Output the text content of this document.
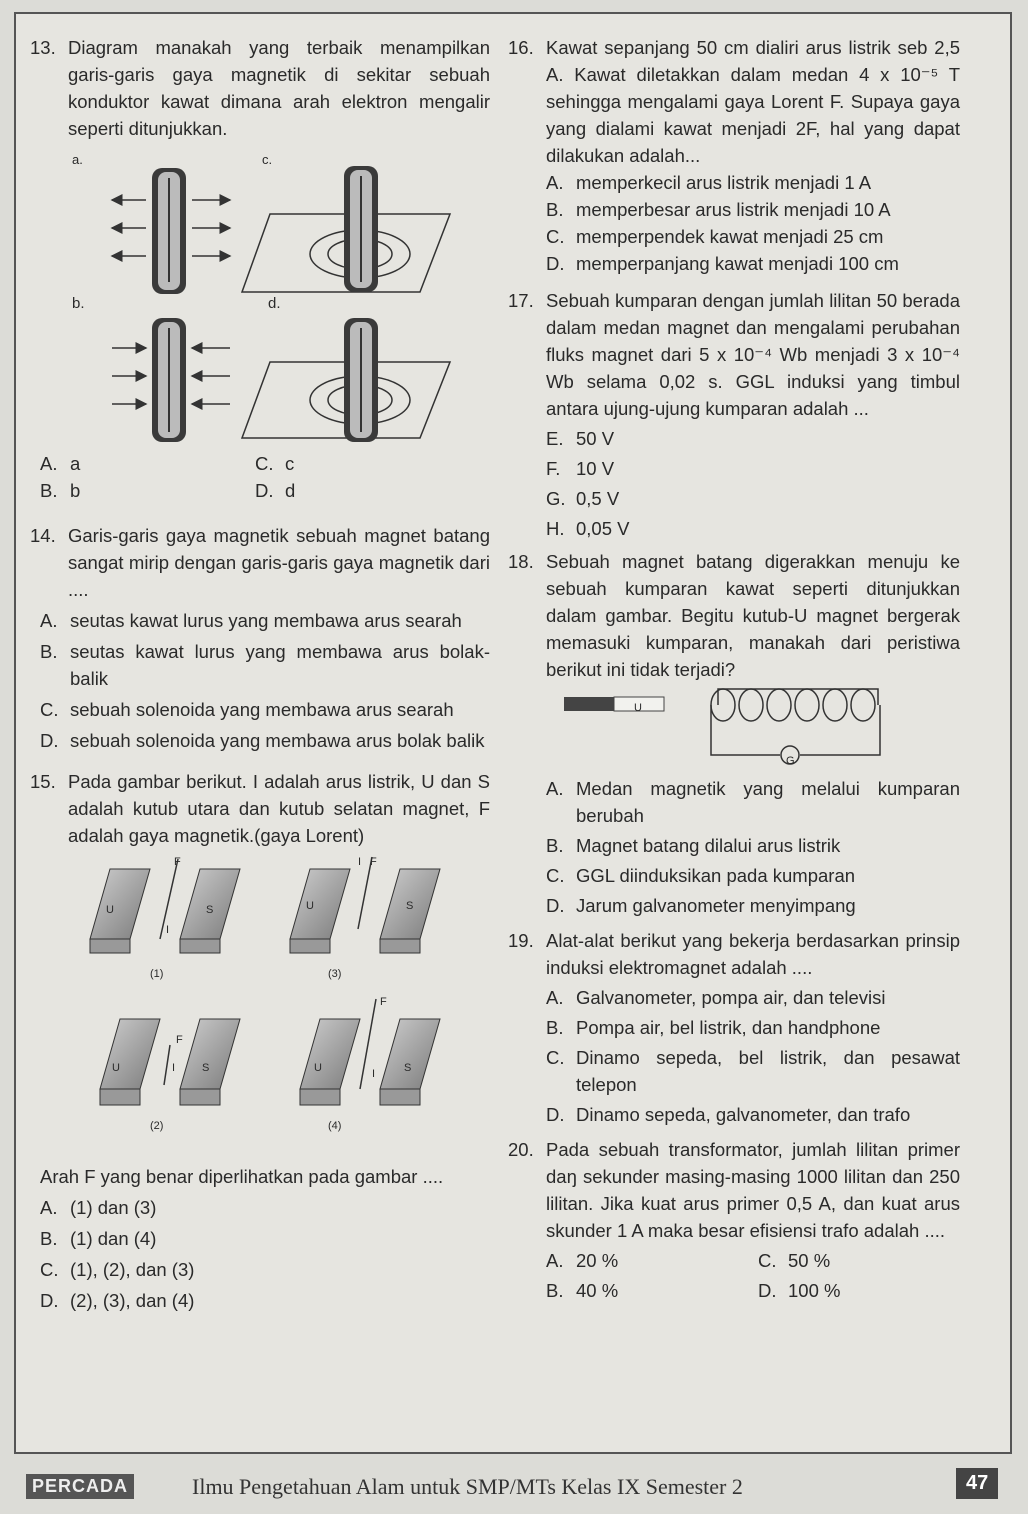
13. Diagram manakah yang terbaik menampilkan garis-garis gaya magnetik di sekitar sebuah konduktor kawat dimana arah elektron mengalir seperti ditunjukkan.
a.	c.
b.	d.
A. a	C. c
B. b	D. d
14. Garis-garis gaya magnetik sebuah magnet batang sangat mirip dengan garis-garis gaya magnetik dari ....
A. seutas kawat lurus yang membawa arus searah
B. seutas kawat lurus yang membawa arus bolak-balik
C. sebuah solenoida yang membawa arus searah
D. sebuah solenoida yang membawa arus bolak balik
15. Pada gambar berikut. I adalah arus listrik, U dan S adalah kutub utara dan kutub selatan magnet, F adalah gaya magnetik.(gaya Lorent)
F
U	S
I
(1)
F
U	S
I
(3)
F
U	S
I
(2)
F
U	S
I
(4)
Arah F yang benar diperlihatkan pada gambar ....
A. (1) dan (3)
B. (1) dan (4)
C. (1), (2), dan (3)
D. (2), (3), dan (4)
16. Kawat sepanjang 50 cm dialiri arus listrik seb 2,5 A. Kawat diletakkan dalam medan 4 x 10⁻⁵ T sehingga mengalami gaya Lorent F. Supaya gaya yang dialami kawat menjadi 2F, hal yang dapat dilakukan adalah...
A. memperkecil arus listrik menjadi 1 A
B. memperbesar arus listrik menjadi 10 A
C. memperpendek kawat menjadi 25 cm
D. memperpanjang kawat menjadi 100 cm
17. Sebuah kumparan dengan jumlah lilitan 50 berada dalam medan magnet dan mengalami perubahan fluks magnet dari 5 x 10⁻⁴ Wb menjadi 3 x 10⁻⁴ Wb selama 0,02 s. GGL induksi yang timbul antara ujung-ujung kumparan adalah ...
E. 50 V
F. 10 V
G. 0,5 V
H. 0,05 V
18. Sebuah magnet batang digerakkan menuju ke sebuah kumparan kawat seperti ditunjukkan dalam gambar. Begitu kutub-U magnet bergerak memasuki kumparan, manakah dari peristiwa berikut ini tidak terjadi?
U
G
A. Medan magnetik yang melalui kumparan berubah
B. Magnet batang dilalui arus listrik
C. GGL diinduksikan pada kumparan
D. Jarum galvanometer menyimpang
19. Alat-alat berikut yang bekerja berdasarkan prinsip induksi elektromagnet adalah ....
A. Galvanometer, pompa air, dan televisi
B. Pompa air, bel listrik, dan handphone
C. Dinamo sepeda, bel listrik, dan pesawat telepon
D. Dinamo sepeda, galvanometer, dan trafo
20. Pada sebuah transformator, jumlah lilitan primer daŋ sekunder masing-masing 1000 lilitan dan 250 lilitan. Jika kuat arus primer 0,5 A, dan kuat arus skunder 1 A maka besar efisiensi trafo adalah ....
A. 20 %	C. 50 %
B. 40 %	D. 100 %
PERCADA	Ilmu Pengetahuan Alam untuk SMP/MTs Kelas IX Semester 2	47
